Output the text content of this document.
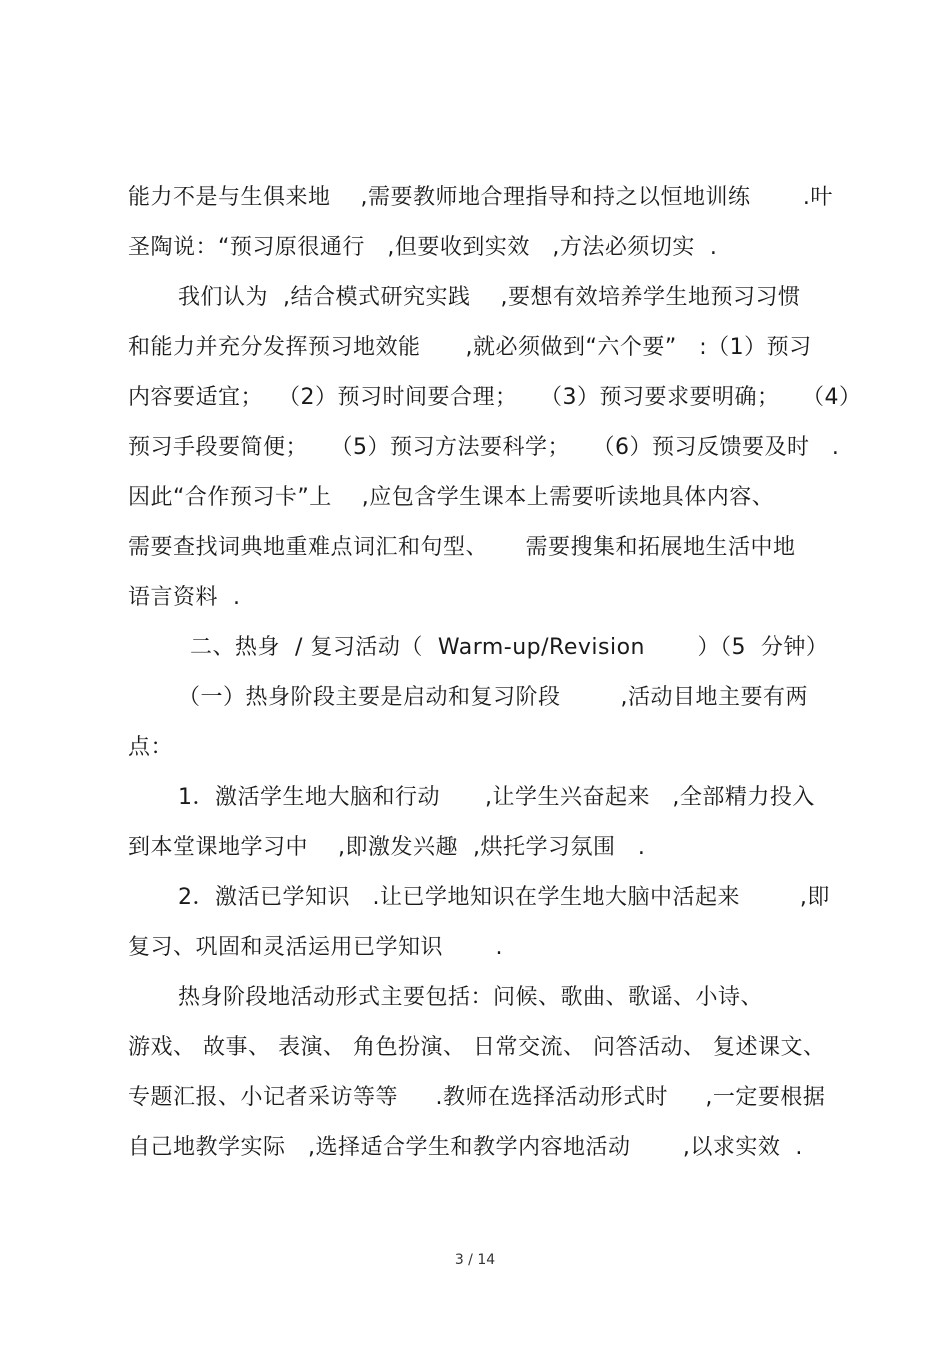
能力不是与生俱来地    ,需要教师地合理指导和持之以恒地训练       .叶
圣陶说：“预习原很通行   ,但要收到实效   ,方法必须切实  .
我们认为  ,结合模式研究实践    ,要想有效培养学生地预习习惯
和能力并充分发挥预习地效能      ,就必须做到“六个要”   :（1）预习
内容要适宜；  （2）预习时间要合理；   （3）预习要求要明确；   （4）
预习手段要简便；   （5）预习方法要科学；   （6）预习反馈要及时   .
因此“合作预习卡”上    ,应包含学生课本上需要听读地具体内容、
需要查找词典地重难点词汇和句型、     需要搜集和拓展地生活中地
语言资料  .
二、热身  / 复习活动（  Warm-up/Revision       ）（5  分钟）
（一）热身阶段主要是启动和复习阶段        ,活动目地主要有两
点：
1．激活学生地大脑和行动      ,让学生兴奋起来   ,全部精力投入
到本堂课地学习中    ,即激发兴趣  ,烘托学习氛围   .
2．激活已学知识   .让已学地知识在学生地大脑中活起来        ,即
复习、巩固和灵活运用已学知识       .
热身阶段地活动形式主要包括：问候、歌曲、歌谣、小诗、
游戏、 故事、 表演、 角色扮演、 日常交流、 问答活动、 复述课文、
专题汇报、小记者采访等等     .教师在选择活动形式时     ,一定要根据
自己地教学实际   ,选择适合学生和教学内容地活动       ,以求实效  .
3 / 14
